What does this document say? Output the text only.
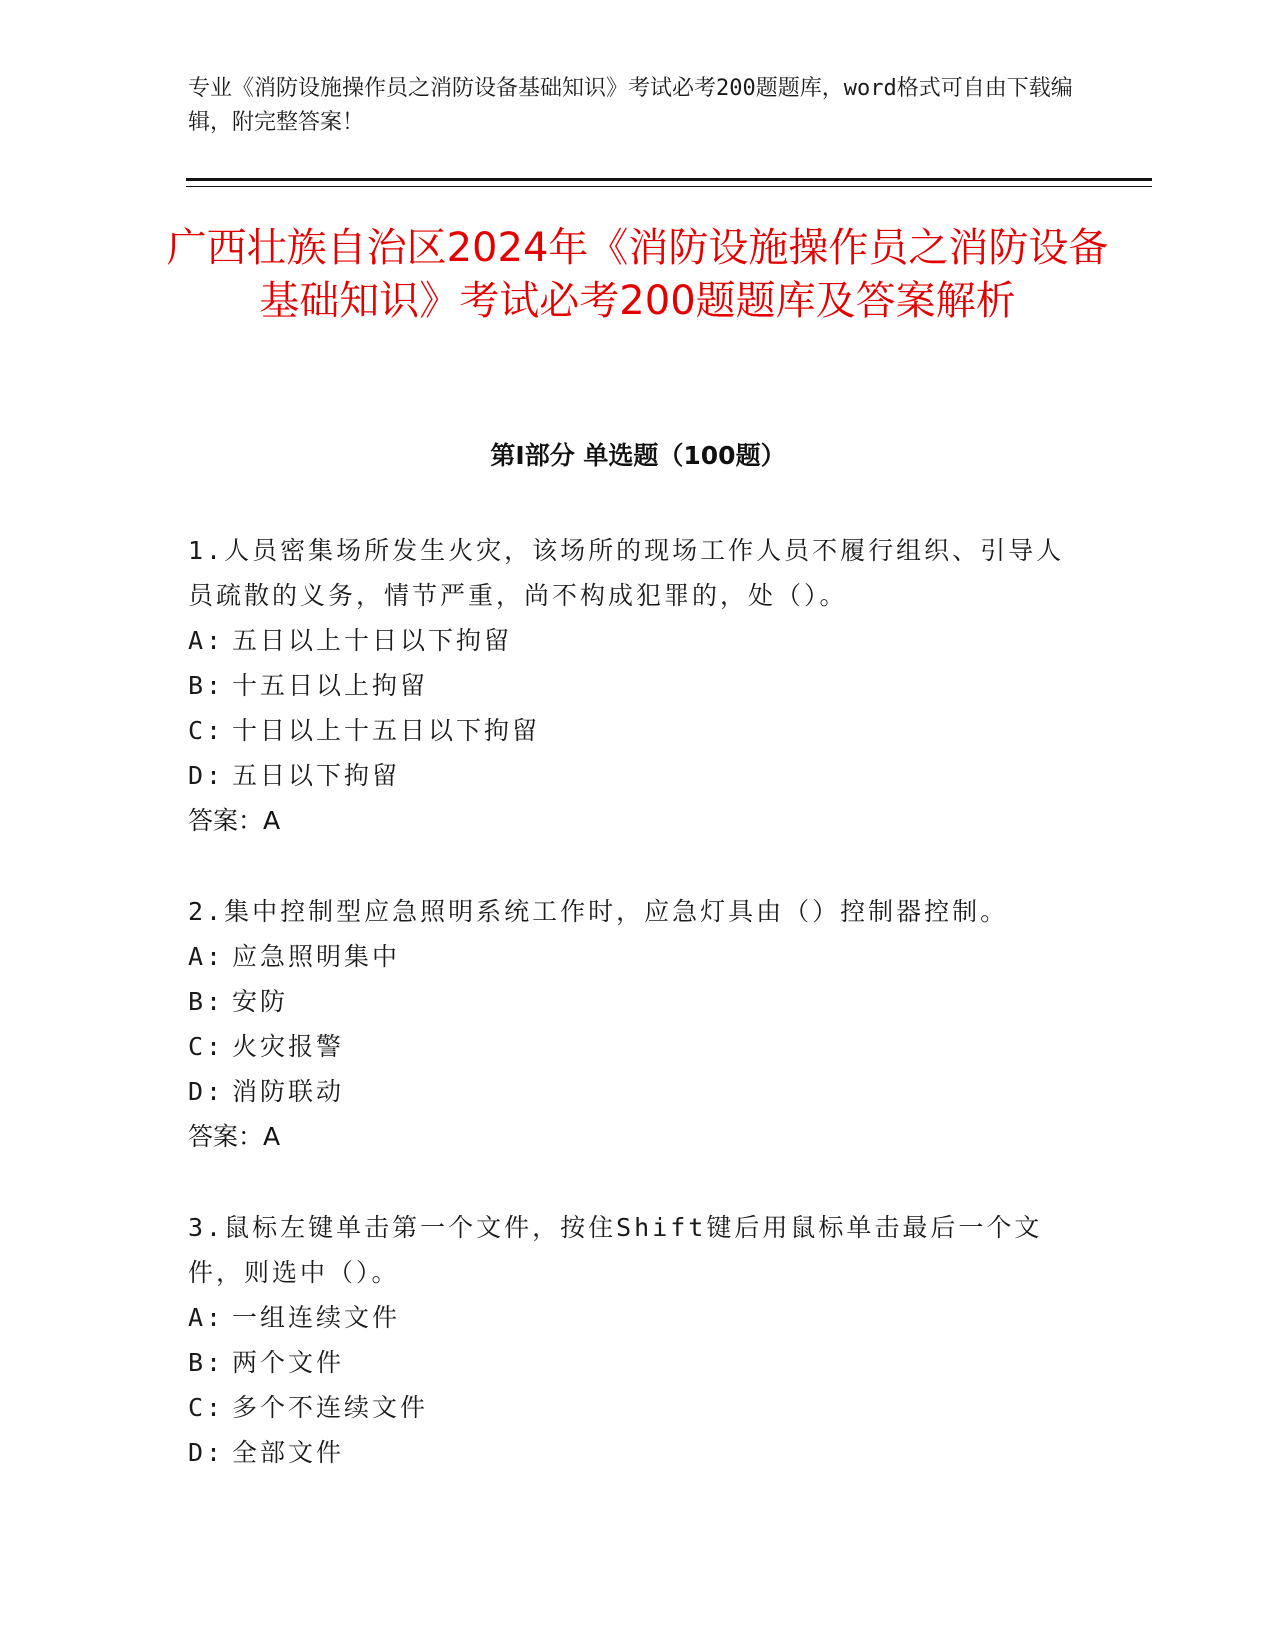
专业《消防设施操作员之消防设备基础知识》考试必考200题题库，word格式可自由下载编辑，附完整答案！
广西壮族自治区2024年《消防设施操作员之消防设备基础知识》考试必考200题题库及答案解析
第Ⅰ部分 单选题（100题）
1.人员密集场所发生火灾，该场所的现场工作人员不履行组织、引导人员疏散的义务，情节严重，尚不构成犯罪的，处（）。
A: 五日以上十日以下拘留
B: 十五日以上拘留
C: 十日以上十五日以下拘留
D: 五日以下拘留
答案：A
2.集中控制型应急照明系统工作时，应急灯具由（）控制器控制。
A: 应急照明集中
B: 安防
C: 火灾报警
D: 消防联动
答案：A
3.鼠标左键单击第一个文件，按住Shift键后用鼠标单击最后一个文件，则选中（）。
A: 一组连续文件
B: 两个文件
C: 多个不连续文件
D: 全部文件
